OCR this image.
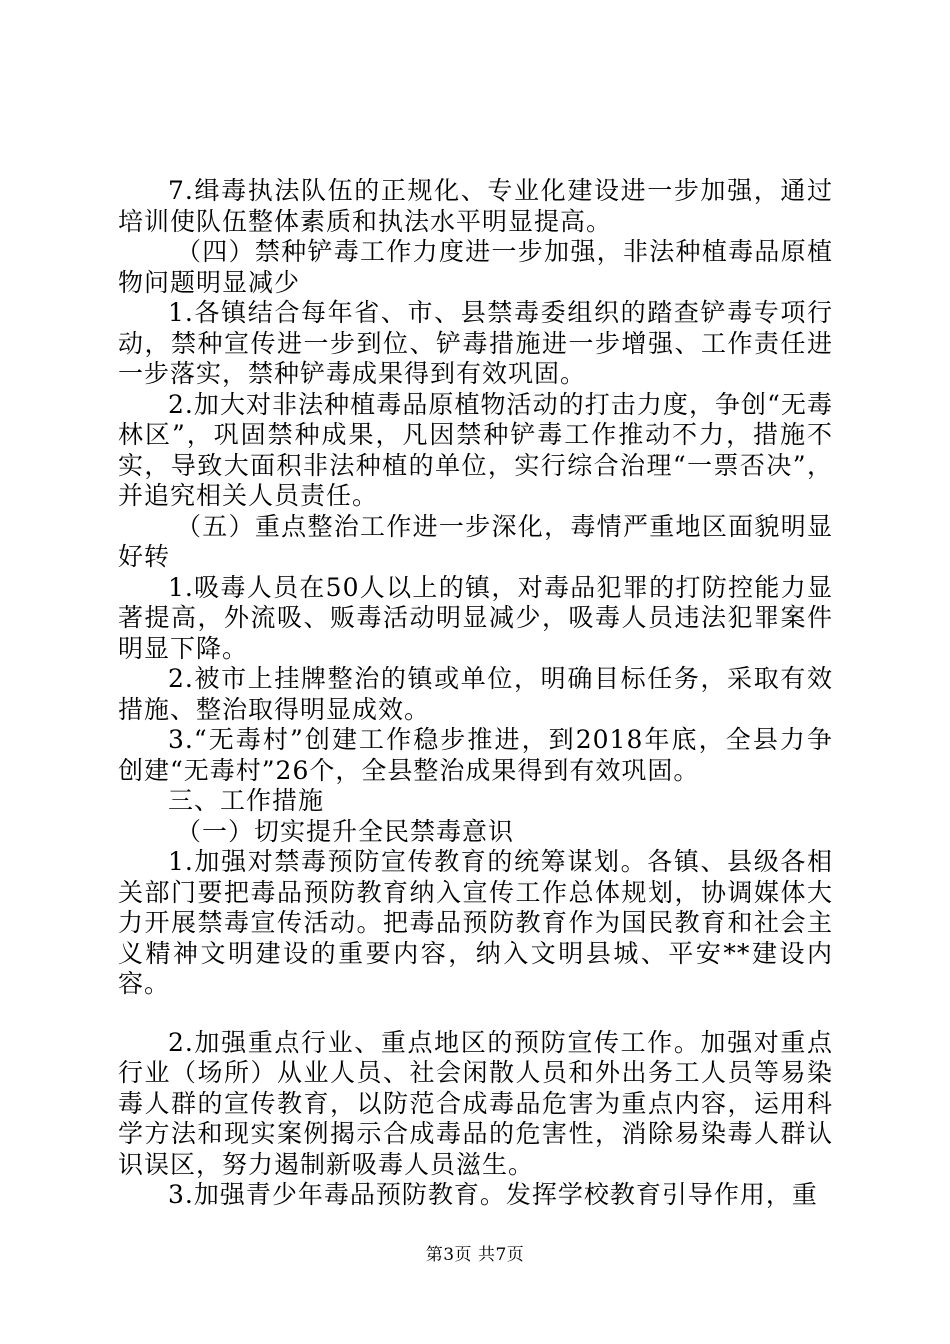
7.缉毒执法队伍的正规化、专业化建设进一步加强，通过培训使队伍整体素质和执法水平明显提高。

（四）禁种铲毒工作力度进一步加强，非法种植毒品原植物问题明显减少

1.各镇结合每年省、市、县禁毒委组织的踏查铲毒专项行动，禁种宣传进一步到位、铲毒措施进一步增强、工作责任进一步落实，禁种铲毒成果得到有效巩固。

2.加大对非法种植毒品原植物活动的打击力度，争创“无毒林区”，巩固禁种成果，凡因禁种铲毒工作推动不力，措施不实，导致大面积非法种植的单位，实行综合治理“一票否决”，并追究相关人员责任。

（五）重点整治工作进一步深化，毒情严重地区面貌明显好转

1.吸毒人员在50人以上的镇，对毒品犯罪的打防控能力显著提高，外流吸、贩毒活动明显减少，吸毒人员违法犯罪案件明显下降。

2.被市上挂牌整治的镇或单位，明确目标任务，采取有效措施、整治取得明显成效。

3.“无毒村”创建工作稳步推进，到2018年底，全县力争创建“无毒村”26个，全县整治成果得到有效巩固。

三、工作措施

（一）切实提升全民禁毒意识

1.加强对禁毒预防宣传教育的统筹谋划。各镇、县级各相关部门要把毒品预防教育纳入宣传工作总体规划，协调媒体大力开展禁毒宣传活动。把毒品预防教育作为国民教育和社会主义精神文明建设的重要内容，纳入文明县城、平安**建设内容。

2.加强重点行业、重点地区的预防宣传工作。加强对重点行业（场所）从业人员、社会闲散人员和外出务工人员等易染毒人群的宣传教育，以防范合成毒品危害为重点内容，运用科学方法和现实案例揭示合成毒品的危害性，消除易染毒人群认识误区，努力遏制新吸毒人员滋生。

3.加强青少年毒品预防教育。发挥学校教育引导作用，重

第3页 共7页
